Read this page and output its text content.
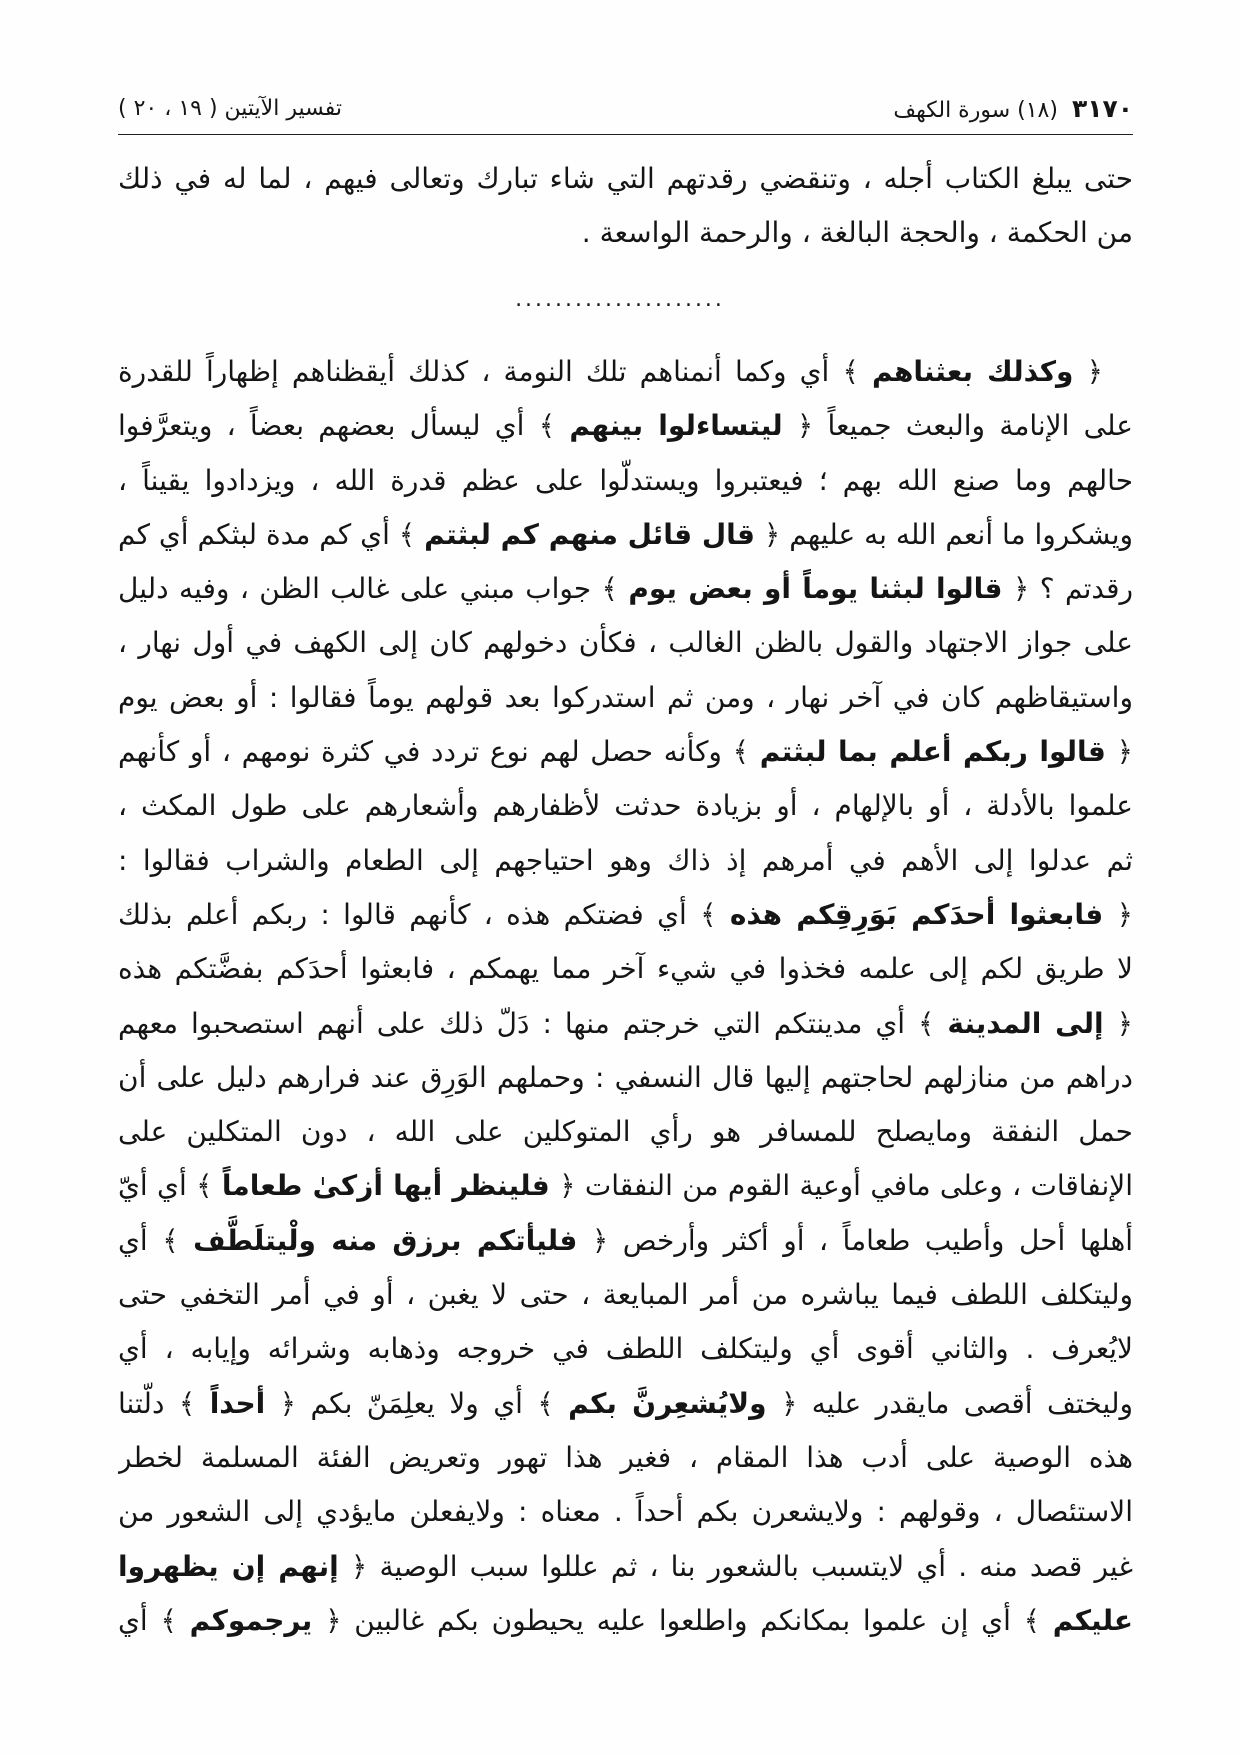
٣١٧٠
(١٨) سورة الكهف
تفسير الآيتين ( ١٩ ، ٢٠ )
حتى يبلغ الكتاب أجله ، وتنقضي رقدتهم التي شاء تبارك وتعالى فيهم ، لما له في ذلك
من الحكمة ، والحجة البالغة ، والرحمة الواسعة .
.....................
﴿ وكذلك بعثناهم ﴾ أي وكما أنمناهم تلك النومة ، كذلك أيقظناهم إظهاراً للقدرة
على الإنامة والبعث جميعاً ﴿ ليتساءلوا بينهم ﴾ أي ليسأل بعضهم بعضاً ، ويتعرَّفوا
حالهم وما صنع الله بهم ؛ فيعتبروا ويستدلّوا على عظم قدرة الله ، ويزدادوا يقيناً ،
ويشكروا ما أنعم الله به عليهم ﴿ قال قائل منهم كم لبثتم ﴾ أي كم مدة لبثكم أي كم
رقدتم ؟ ﴿ قالوا لبثنا يوماً أو بعض يوم ﴾ جواب مبني على غالب الظن ، وفيه دليل
على جواز الاجتهاد والقول بالظن الغالب ، فكأن دخولهم كان إلى الكهف في أول نهار ،
واستيقاظهم كان في آخر نهار ، ومن ثم استدركوا بعد قولهم يوماً فقالوا : أو بعض يوم
﴿ قالوا ربكم أعلم بما لبثتم ﴾ وكأنه حصل لهم نوع تردد في كثرة نومهم ، أو كأنهم
علموا بالأدلة ، أو بالإلهام ، أو بزيادة حدثت لأظفارهم وأشعارهم على طول المكث ،
ثم عدلوا إلى الأهم في أمرهم إذ ذاك وهو احتياجهم إلى الطعام والشراب فقالوا :
﴿ فابعثوا أحدَكم بَوَرِقِكم هذه ﴾ أي فضتكم هذه ، كأنهم قالوا : ربكم أعلم بذلك
لا طريق لكم إلى علمه فخذوا في شيء آخر مما يهمكم ، فابعثوا أحدَكم بفضَّتكم هذه
﴿ إلى المدينة ﴾ أي مدينتكم التي خرجتم منها : دَلّ ذلك على أنهم استصحبوا معهم
دراهم من منازلهم لحاجتهم إليها قال النسفي : وحملهم الوَرِق عند فرارهم دليل على أن
حمل النفقة ومايصلح للمسافر هو رأي المتوكلين على الله ، دون المتكلين على
الإنفاقات ، وعلى مافي أوعية القوم من النفقات ﴿ فلينظر أيها أزكىٰ طعاماً ﴾ أي أيّ
أهلها أحل وأطيب طعاماً ، أو أكثر وأرخص ﴿ فليأتكم برزق منه ولْيتلَطَّف ﴾ أي
وليتكلف اللطف فيما يباشره من أمر المبايعة ، حتى لا يغبن ، أو في أمر التخفي حتى
لايُعرف . والثاني أقوى أي وليتكلف اللطف في خروجه وذهابه وشرائه وإيابه ، أي
وليختف أقصى مايقدر عليه ﴿ ولايُشعِرنَّ بكم ﴾ أي ولا يعلِمَنّ بكم ﴿ أحداً ﴾ دلّتنا
هذه الوصية على أدب هذا المقام ، فغير هذا تهور وتعريض الفئة المسلمة لخطر
الاستئصال ، وقولهم : ولايشعرن بكم أحداً . معناه : ولايفعلن مايؤدي إلى الشعور من
غير قصد منه . أي لايتسبب بالشعور بنا ، ثم عللوا سبب الوصية ﴿ إنهم إن يظهروا
عليكم ﴾ أي إن علموا بمكانكم واطلعوا عليه يحيطون بكم غالبين ﴿ يرجموكم ﴾ أي
